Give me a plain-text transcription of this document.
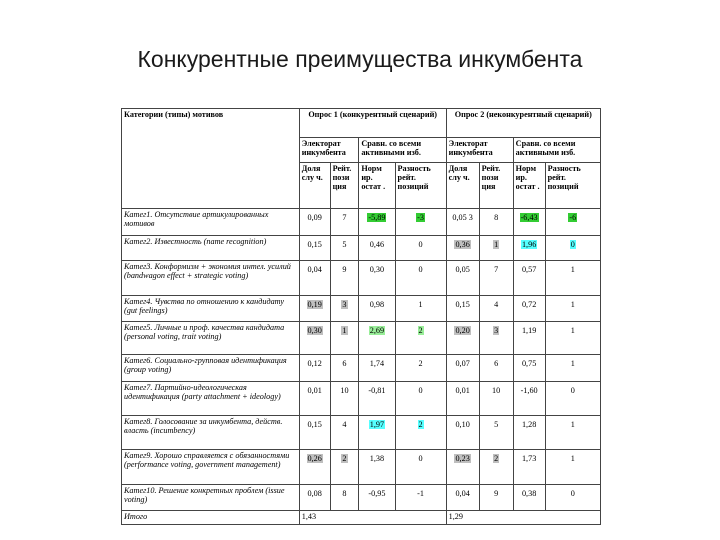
Конкурентные преимущества инкумбента
Категории (типы) мотивов	Опрос 1 (конкурентный сценарий)				Опрос 2 (неконкурентный сценарий)			
	Электорат инкумбента		Сравн. со всеми активными изб.		Электорат инкумбента		Сравн. со всеми активными изб.	
	Доля слу ч.	Рейт. пози ция	Норм ир. остат .	Разность рейт. позиций	Доля слу ч.	Рейт. пози ция	Норм ир. остат .	Разность рейт. позиций
Катег1. Отсутствие артикулированных мотивов	0,09	7	-5,89	-3	0,05 3	8	-6,43	-6
Катег2. Известность (name recognition)	0,15	5	0,46	0	0,36	1	1,96	0
Катег3. Конформизм + экономия интел. усилий (bandwagon effect + strategic voting)	0,04	9	0,30	0	0,05	7	0,57	1
Катег4. Чувства по отношению к кандидату (gut feelings)	0,19	3	0,98	1	0,15	4	0,72	1
Катег5. Личные и проф. качества кандидата (personal voting, trait voting)	0,30	1	2,69	2	0,20	3	1,19	1
Катег6. Социально-групповая идентификация (group voting)	0,12	6	1,74	2	0,07	6	0,75	1
Катег7. Партийно-идеологическая идентификация (party attachment + ideology)	0,01	10	-0,81	0	0,01	10	-1,60	0
Катег8. Голосование за инкумбента, действ. власть (incumbency)	0,15	4	1,97	2	0,10	5	1,28	1
Катег9. Хорошо справляется с обязанностями (performance voting, government management)	0,26	2	1,38	0	0,23	2	1,73	1
Катег10. Решение конкретных проблем (issue voting)	0,08	8	-0,95	-1	0,04	9	0,38	0
Итого	1,43				1,29			
